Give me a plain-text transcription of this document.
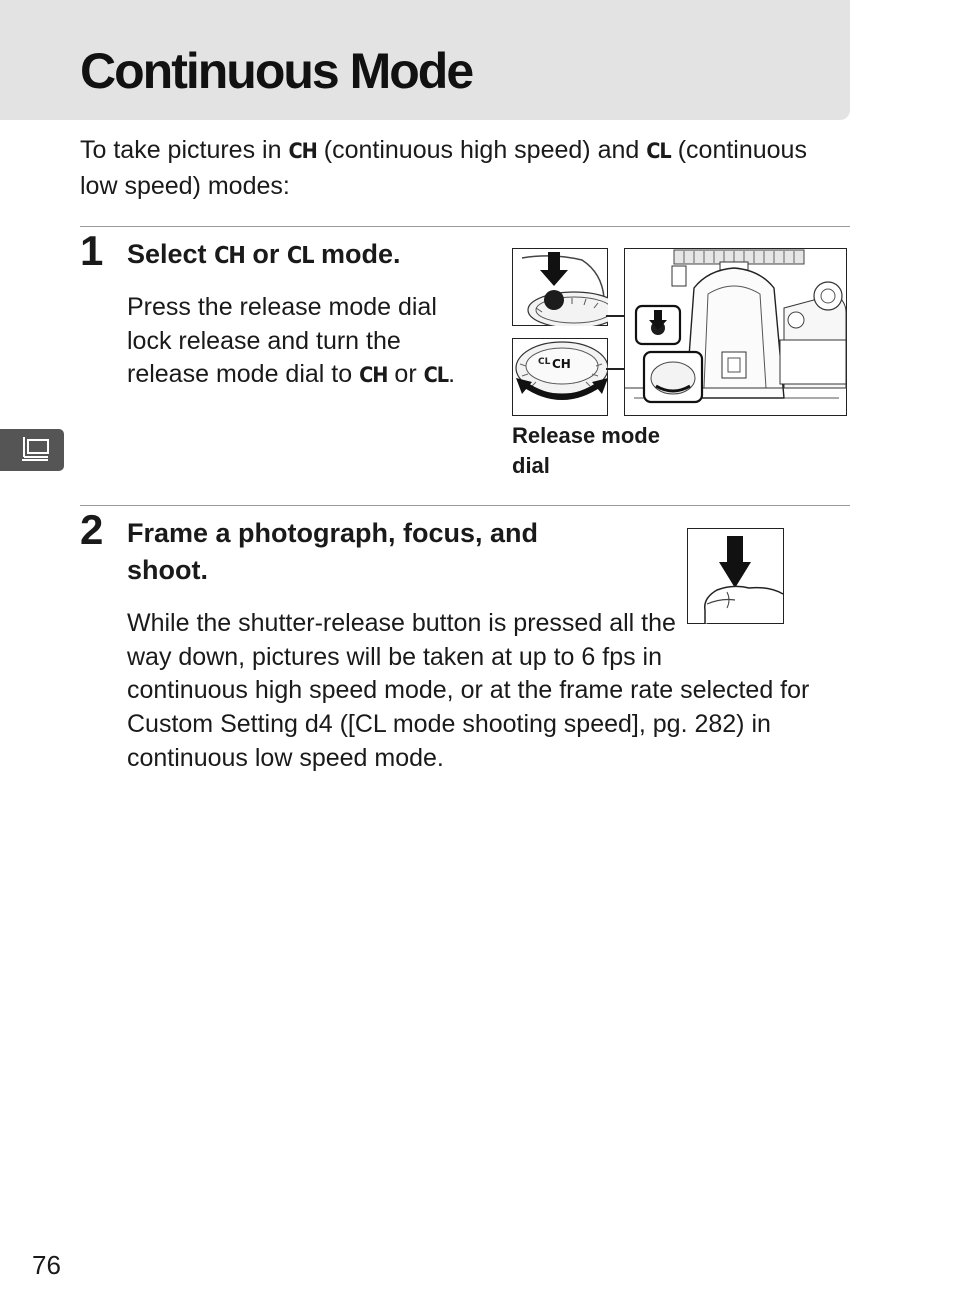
Continuous Mode

To take pictures in CH (continuous high speed) and CL (continuous low speed) modes:

1 Select CH or CL mode.

Press the release mode dial lock release and turn the release mode dial to CH or CL.	CL CH

Release mode dial

2 Frame a photograph, focus, and shoot.

While the shutter-release button is pressed all the way down, pictures will be taken at up to 6 fps in continuous high speed mode, or at the frame rate selected for Custom Setting d4 ([CL mode shooting speed], pg. 282) in continuous low speed mode.

76
